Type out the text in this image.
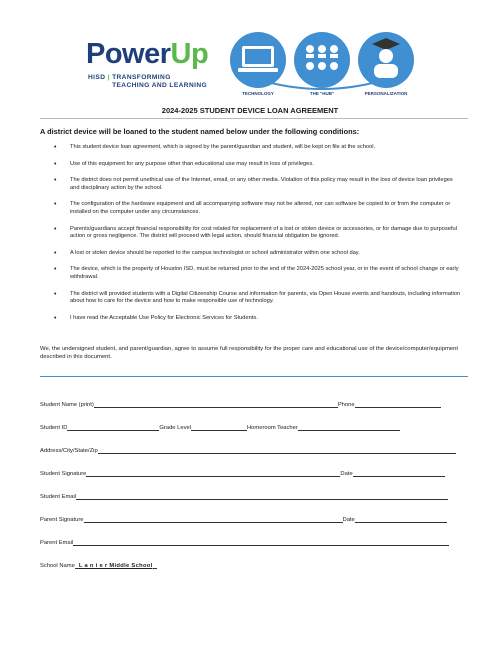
PowerUp
HISD | TRANSFORMING
TEACHING AND LEARNING
TECHNOLOGY	THE "HUB"	PERSONALIZATION
2024-2025 STUDENT DEVICE LOAN AGREEMENT
A district device will be loaned to the student named below under the following conditions:
• This student device loan agreement, which is signed by the parent/guardian and student, will be kept on file at the school.
• Use of this equipment for any purpose other than educational use may result in loss of privileges.
• The district does not permit unethical use of the Internet, email, or any other media. Violation of this policy may result in the loss of device loan privileges and disciplinary action by the school.
• The configuration of the hardware equipment and all accompanying software may not be altered, nor can software be copied to or from the computer or installed on the computer under any circumstances.
• Parents/guardians accept financial responsibility for cost related for replacement of a lost or stolen device or accessories, or for damage due to purposeful action or gross negligence. The district will proceed with legal action, should financial obligation be ignored.
• A lost or stolen device should be reported to the campus technologist or school administrator within one school day.
• The device, which is the property of Houston ISD, must be returned prior to the end of the 2024-2025 school year, or in the event of school change or early withdrawal.
• The district will provided students with a Digital Citizenship Course and information for parents, via Open House events and handouts, including information about how to care for the device and how to make responsible use of technology.
• I have read the Acceptable Use Policy for Electronic Services for Students.
We, the undersigned student, and parent/guardian, agree to assume full responsibility for the proper care and educational use of the device/computer/equipment described in this document.
Student Name (print)	Phone
Student ID	Grade Level	Homeroom Teacher
Address/City/State/Zip
Student Signature	Date
Student Email
Parent Signature	Date
Parent Email
School Name L a n i e r Middle School
